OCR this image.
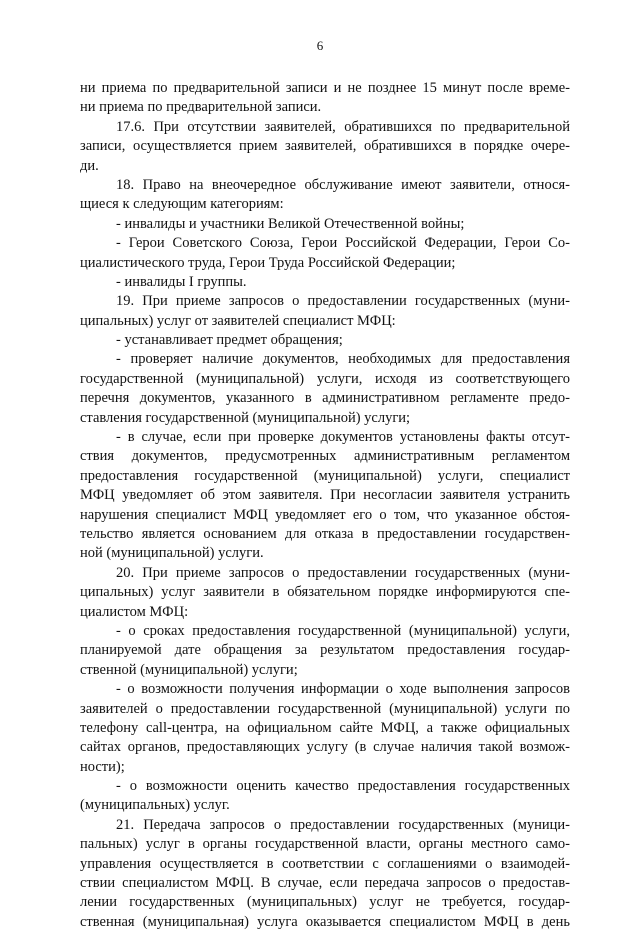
6
ни приема по предварительной записи и не позднее 15 минут после време-
ни приема по предварительной записи.
17.6. При отсутствии заявителей, обратившихся по предварительной
записи, осуществляется прием заявителей, обратившихся в порядке очере-
ди.
18. Право на внеочередное обслуживание имеют заявители, относя-
щиеся к следующим категориям:
- инвалиды и участники Великой Отечественной войны;
- Герои Советского Союза, Герои Российской Федерации, Герои Со-
циалистического труда, Герои Труда Российской Федерации;
- инвалиды I группы.
19. При приеме запросов о предоставлении государственных (муни-
ципальных) услуг от заявителей специалист МФЦ:
- устанавливает предмет обращения;
- проверяет наличие документов, необходимых для предоставления
государственной (муниципальной) услуги, исходя из соответствующего
перечня документов, указанного в административном регламенте предо-
ставления государственной (муниципальной) услуги;
- в случае, если при проверке документов установлены факты отсут-
ствия документов, предусмотренных административным регламентом
предоставления государственной (муниципальной) услуги, специалист
МФЦ уведомляет об этом заявителя. При несогласии заявителя устранить
нарушения специалист МФЦ уведомляет его о том, что указанное обстоя-
тельство является основанием для отказа в предоставлении государствен-
ной (муниципальной) услуги.
20. При приеме запросов о предоставлении государственных (муни-
ципальных) услуг заявители в обязательном порядке информируются спе-
циалистом МФЦ:
- о сроках предоставления государственной (муниципальной) услуги,
планируемой дате обращения за результатом предоставления государ-
ственной (муниципальной) услуги;
- о возможности получения информации о ходе выполнения запросов
заявителей о предоставлении государственной (муниципальной) услуги по
телефону call-центра, на официальном сайте МФЦ, а также официальных
сайтах органов, предоставляющих услугу (в случае наличия такой возмож-
ности);
- о возможности оценить качество предоставления государственных
(муниципальных) услуг.
21. Передача запросов о предоставлении государственных (муници-
пальных) услуг в органы государственной власти, органы местного само-
управления осуществляется в соответствии с соглашениями о взаимодей-
ствии специалистом МФЦ. В случае, если передача запросов о предостав-
лении государственных (муниципальных) услуг не требуется, государ-
ственная (муниципальная) услуга оказывается специалистом МФЦ в день
